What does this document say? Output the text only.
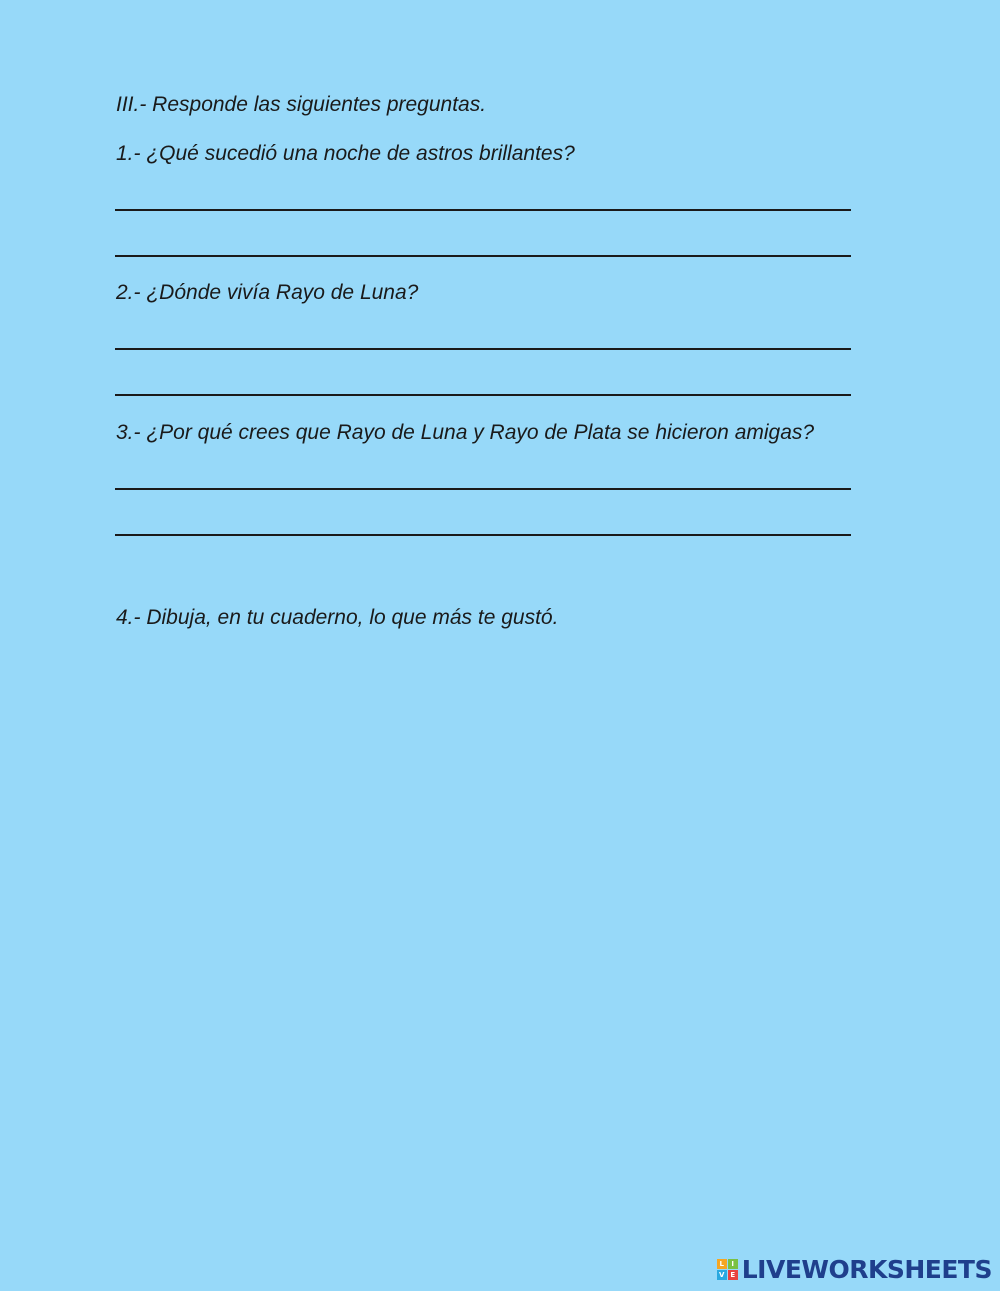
III.- Responde las siguientes preguntas.
1.- ¿Qué sucedió una noche de astros brillantes?
2.- ¿Dónde vivía Rayo de Luna?
3.- ¿Por qué crees que Rayo de Luna y Rayo de Plata se hicieron amigas?
4.- Dibuja, en tu cuaderno, lo que más te gustó.
L	I
V E LIVEWORKSHEETS
